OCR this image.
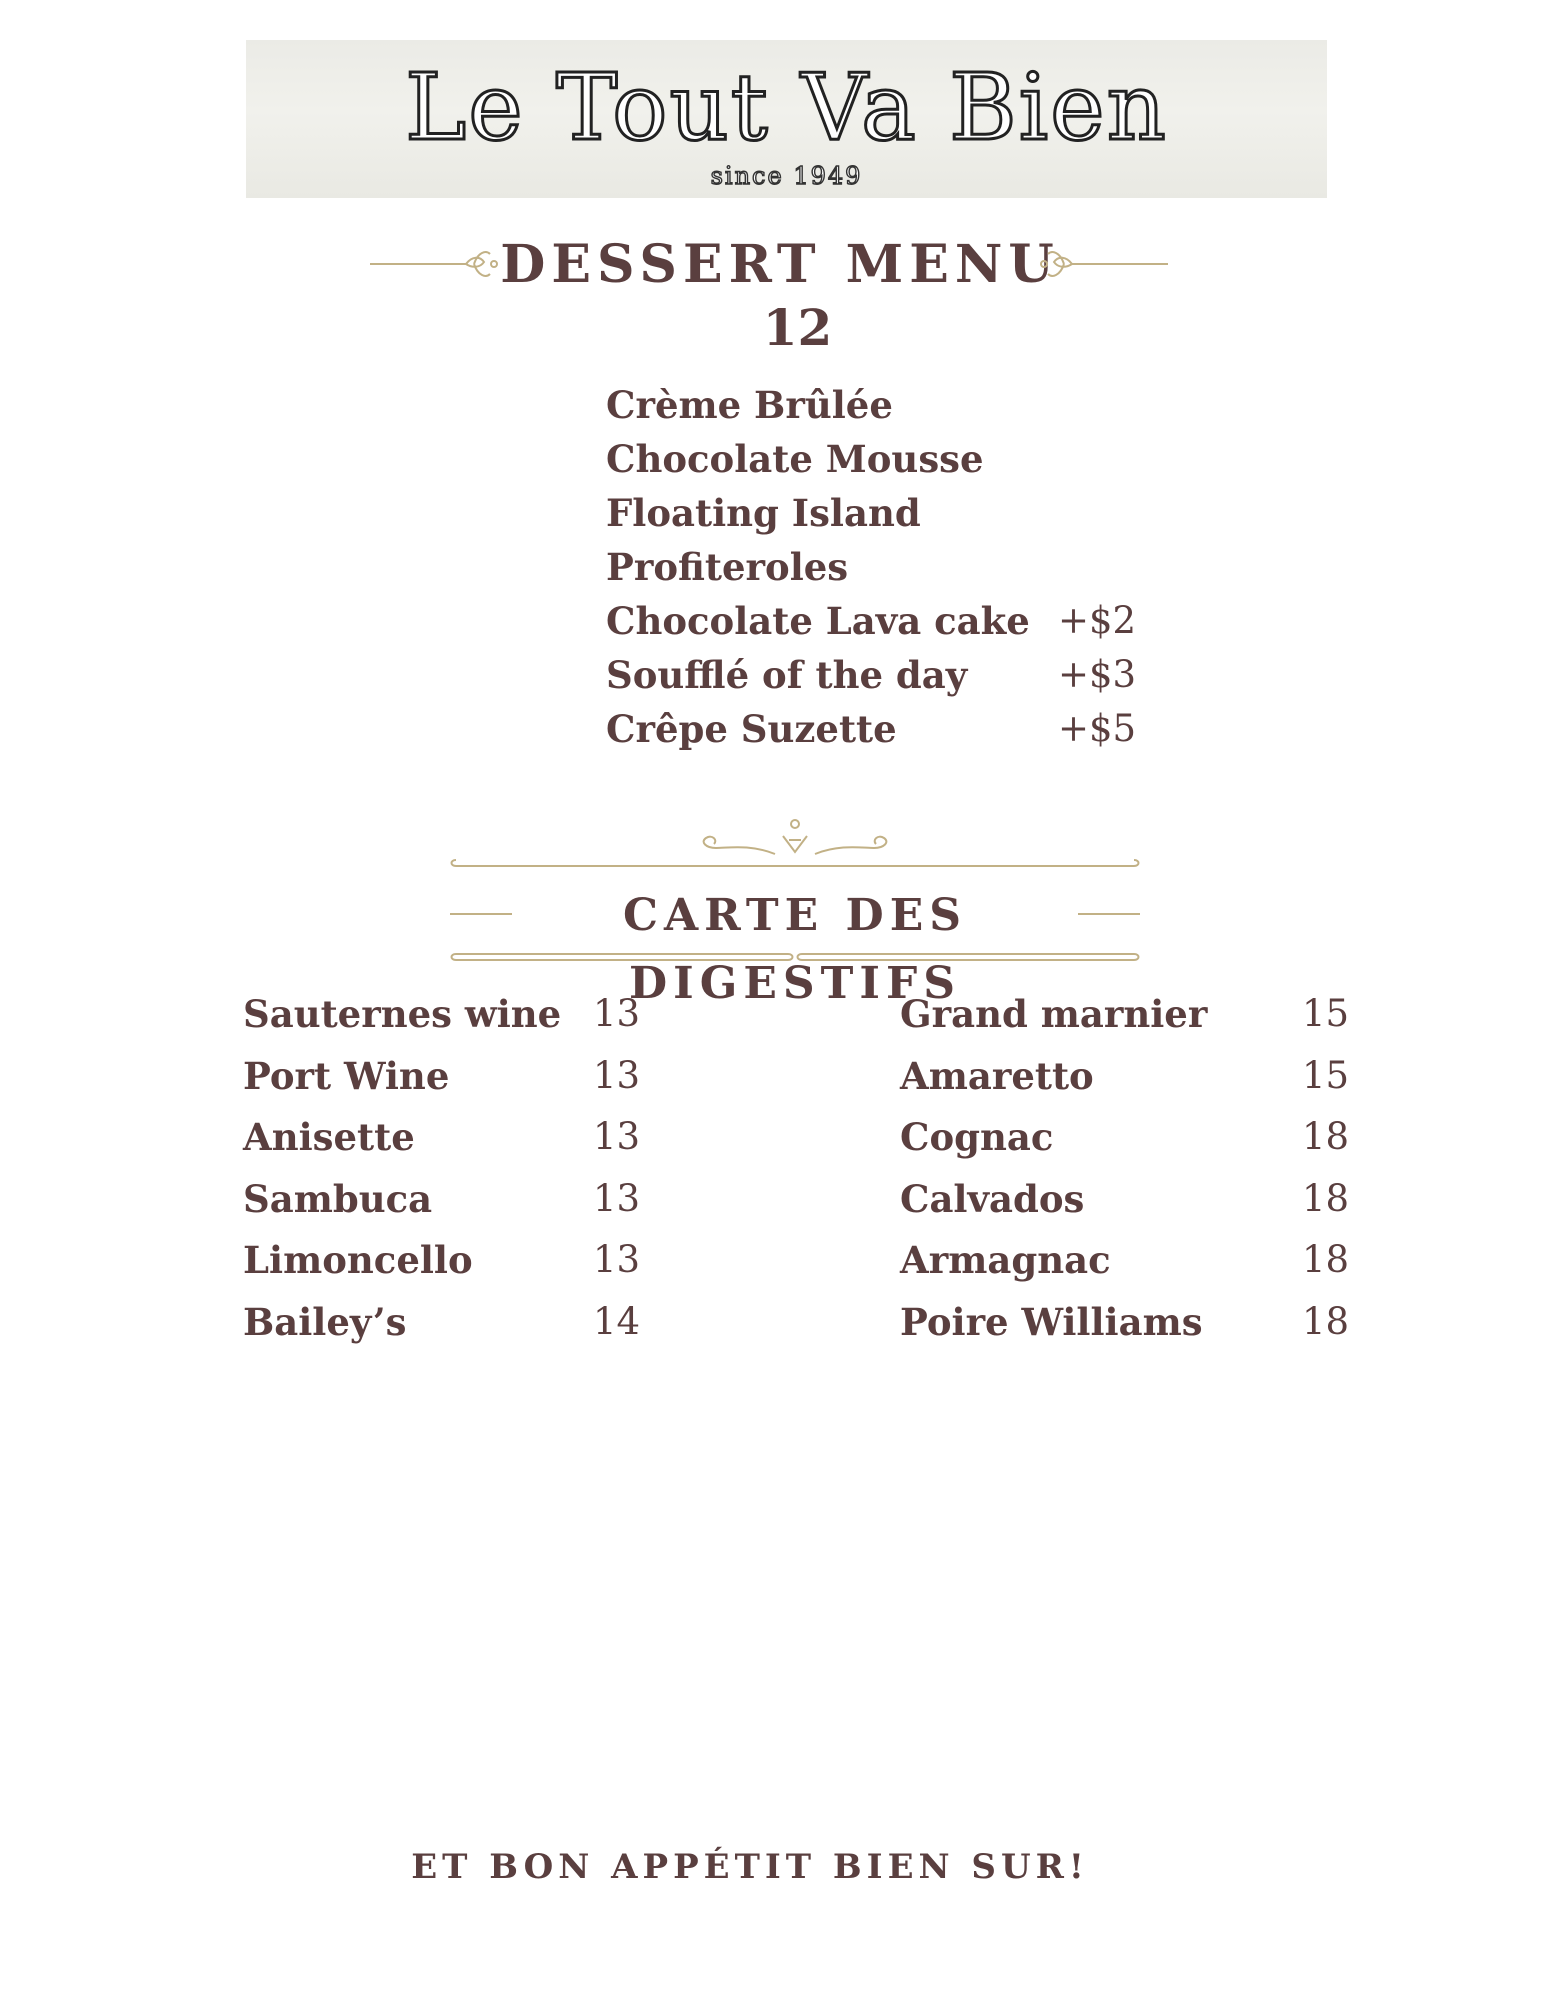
Le Tout Va Bien
since 1949
DESSERT MENU
12
Crème Brûlée
Chocolate Mousse
Floating Island
Profiteroles
Chocolate Lava cake +$2
Soufflé of the day +$3
Crêpe Suzette	+$5
CARTE DES DIGESTIFS
Sauternes wine 13
Port Wine	13
Anisette	13
Sambuca	13
Limoncello	13
Bailey’s	14
Grand marnier	15
Amaretto	15
Cognac	18
Calvados	18
Armagnac	18
Poire Williams	18
ET BON APPÉTIT BIEN SUR!
